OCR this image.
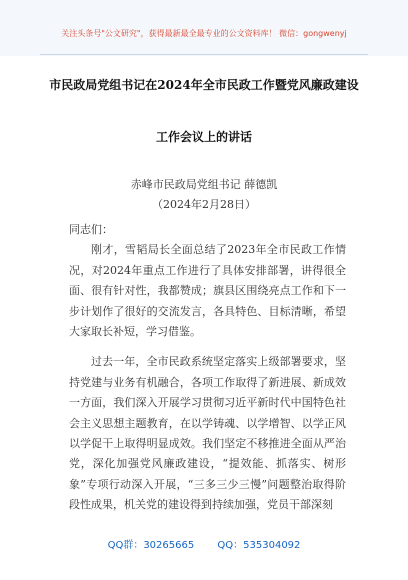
关注头条号"公文研究"，获得最新最全最专业的公文资料库！ 微信：gongwenyj
市民政局党组书记在2024年全市民政工作暨党风廉政建设
工作会议上的讲话
赤峰市民政局党组书记 薛德凯
（2024年2月28日）

同志们：

刚才，雪韬局长全面总结了2023年全市民政工作情况，对2024年重点工作进行了具体安排部署，讲得很全面、很有针对性，我都赞成；旗县区围绕亮点工作和下一步计划作了很好的交流发言，各具特色、目标清晰，希望大家取长补短，学习借鉴。

过去一年，全市民政系统坚定落实上级部署要求，坚持党建与业务有机融合，各项工作取得了新进展、新成效一方面，我们深入开展学习贯彻习近平新时代中国特色社会主义思想主题教育，在以学铸魂、以学增智、以学正风以学促干上取得明显成效。我们坚定不移推进全面从严治党，深化加强党风廉政建设，“提效能、抓落实、树形象”专项行动深入开展，“三多三少三慢”问题整治取得阶段性成果，机关党的建设得到持续加强，党员干部深刻

QQ群：30265665 QQ：535304092
